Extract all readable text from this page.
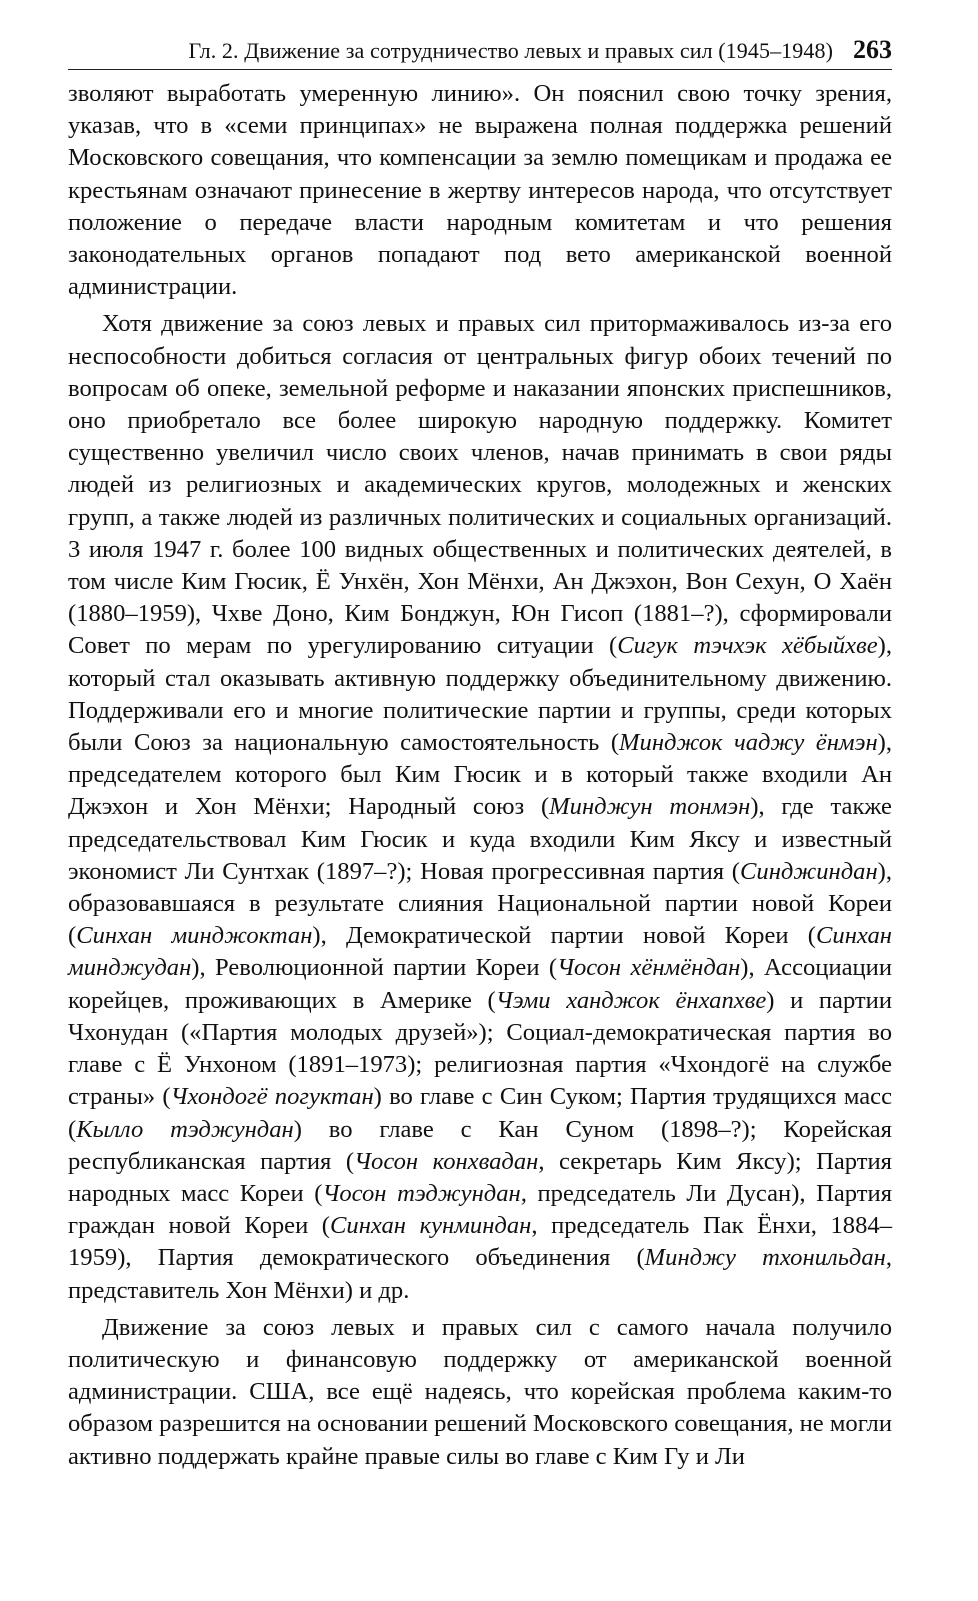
Гл. 2. Движение за сотрудничество левых и правых сил (1945–1948) 263

зволяют выработать умеренную линию». Он пояснил свою точку зрения, указав, что в «семи принципах» не выражена полная поддержка решений Московского совещания, что компенсации за землю помещикам и продажа ее крестьянам означают принесение в жертву интересов народа, что отсутствует положение о передаче власти народным комитетам и что решения законодательных органов попадают под вето американской военной администрации.

Хотя движение за союз левых и правых сил притормаживалось из-за его неспособности добиться согласия от центральных фигур обоих течений по вопросам об опеке, земельной реформе и наказании японских приспешников, оно приобретало все более широкую народную поддержку. Комитет существенно увеличил число своих членов, начав принимать в свои ряды людей из религиозных и академических кругов, молодежных и женских групп, а также людей из различных политических и социальных организаций. 3 июля 1947 г. более 100 видных общественных и политических деятелей, в том числе Ким Гюсик, Ё Унхён, Хон Мёнхи, Ан Джэхон, Вон Сехун, О Хаён (1880–1959), Чхве Доно, Ким Бонджун, Юн Гисоп (1881–?), сформировали Совет по мерам по урегулированию ситуации (Сигук тэчхэк хёбыйхве), который стал оказывать активную поддержку объединительному движению. Поддерживали его и многие политические партии и группы, среди которых были Союз за национальную самостоятельность (Минджок чаджу ёнмэн), председателем которого был Ким Гюсик и в который также входили Ан Джэхон и Хон Мёнхи; Народный союз (Минджун тонмэн), где также председательствовал Ким Гюсик и куда входили Ким Яксу и известный экономист Ли Сунтхак (1897–?); Новая прогрессивная партия (Синджиндан), образовавшаяся в результате слияния Национальной партии новой Кореи (Синхан минджоктан), Демократической партии новой Кореи (Синхан минджудан), Революционной партии Кореи (Чосон хёнмёндан), Ассоциации корейцев, проживающих в Америке (Чэми ханджок ёнхапхве) и партии Чхонудан («Партия молодых друзей»); Социал-демократическая партия во главе с Ё Унхоном (1891–1973); религиозная партия «Чхондогё на службе страны» (Чхондогё погуктан) во главе с Син Суком; Партия трудящихся масс (Кылло тэджундан) во главе с Кан Суном (1898–?); Корейская республиканская партия (Чосон конхвадан, секретарь Ким Яксу); Партия народных масс Кореи (Чосон тэджундан, председатель Ли Дусан), Партия граждан новой Кореи (Синхан кунминдан, председатель Пак Ёнхи, 1884–1959), Партия демократического объединения (Минджу тхонильдан, представитель Хон Мёнхи) и др.

Движение за союз левых и правых сил с самого начала получило политическую и финансовую поддержку от американской военной администрации. США, все ещё надеясь, что корейская проблема каким-то образом разрешится на основании решений Московского совещания, не могли активно поддержать крайне правые силы во главе с Ким Гу и Ли
